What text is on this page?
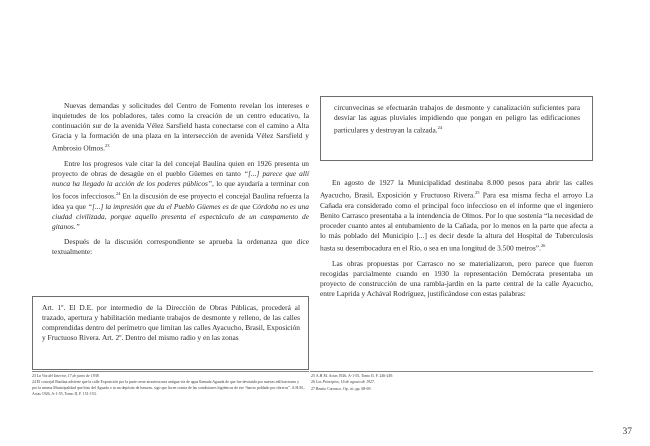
Nuevas demandas y solicitudes del Centro de Fomento revelan los intereses e inquietudes de los pobladores, tales como la creación de un centro educativo, la continuación sur de la avenida Vélez Sarsfield hasta conectarse con el camino a Alta Gracia y la formación de una plaza en la intersección de avenida Vélez Sarsfield y Ambrosio Olmos.$^{23}$

Entre los progresos vale citar la del concejal Baulina quien en 1926 presenta un proyecto de obras de desagüe en el pueblo Güemes en tanto “[...] parece que allí nunca ha llegado la acción de los poderes públicos”, lo que ayudaría a terminar con los focos infecciosos.$^{24}$ En la discusión de ese proyecto el concejal Baulina refuerza la idea ya que “[...] la impresión que da el Pueblo Güemes es de que Córdoba no es una ciudad civilizada, porque aquello presenta el espectáculo de un campamento de gitanos.”

Después de la discusión correspondiente se aprueba la ordenanza que dice textualmente:

Art. 1º. El D.E. por intermedio de la Dirección de Obras Públicas, procederá al trazado, apertura y habilitación mediante trabajos de desmonte y relleno, de las calles comprendidas dentro del perímetro que limitan las calles Ayacucho, Brasil, Exposición y Fructuoso Rivera. Art. 2º. Dentro del mismo radio y en las zonas

circunvecinas se efectuarán trabajos de desmonte y canalización suficientes para desviar las aguas pluviales impidiendo que pongan en peligro las edificaciones particulares y destruyan la calzada.$^{24}$

En agosto de 1927 la Municipalidad destinaba 8.000 pesos para abrir las calles Ayacucho, Brasil, Exposición y Fructuoso Rivera.$^{25}$ Para esa misma fecha el arroyo La Cañada era considerado como el principal foco infeccioso en el informe que el ingeniero Benito Carrasco presentaba a la intendencia de Olmos. Por lo que sostenía “la necesidad de proceder cuanto antes al entubamiento de la Cañada, por lo menos en la parte que afecta a lo más poblado del Municipio [...] es decir desde la altura del Hospital de Tuberculosis hasta su desembocadura en el Río, o sea en una longitud de 3.500 metros”.$^{26}$

Las obras propuestas por Carrasco no se materializaron, pero parece que fueron recogidas parcialmente cuando en 1930 la representación Demócrata presentaba un proyecto de construcción de una rambla-jardín en la parte central de la calle Ayacucho, entre Laprida y Achával Rodríguez, justificándose con estas palabras:

23 La Voz del Interior, 17 de junio de 1938.

24 El concejal Baulina advierte que la calle Exposición por la parte oeste atraviesa una antigua vía de agua llamada Aguada de que fue destruida por nuevas edificaciones y por la misma Municipalidad que hizo del Aguada o tu un depósito de basuras, sigo que ha en contra de las condiciones higiénicas de ese “barrio poblado por obreros”. A.H.M., Actas 1926, A-1-55, Tomo II, F. 151-153.

25 A.H.M. Actas 1926, A-1-55, Tomo II, F. 246-249.

26 Los Principios, 16 de agosto de 1927.

27 Benito Carrasco. Op. cit. pp. 68-69.

37
